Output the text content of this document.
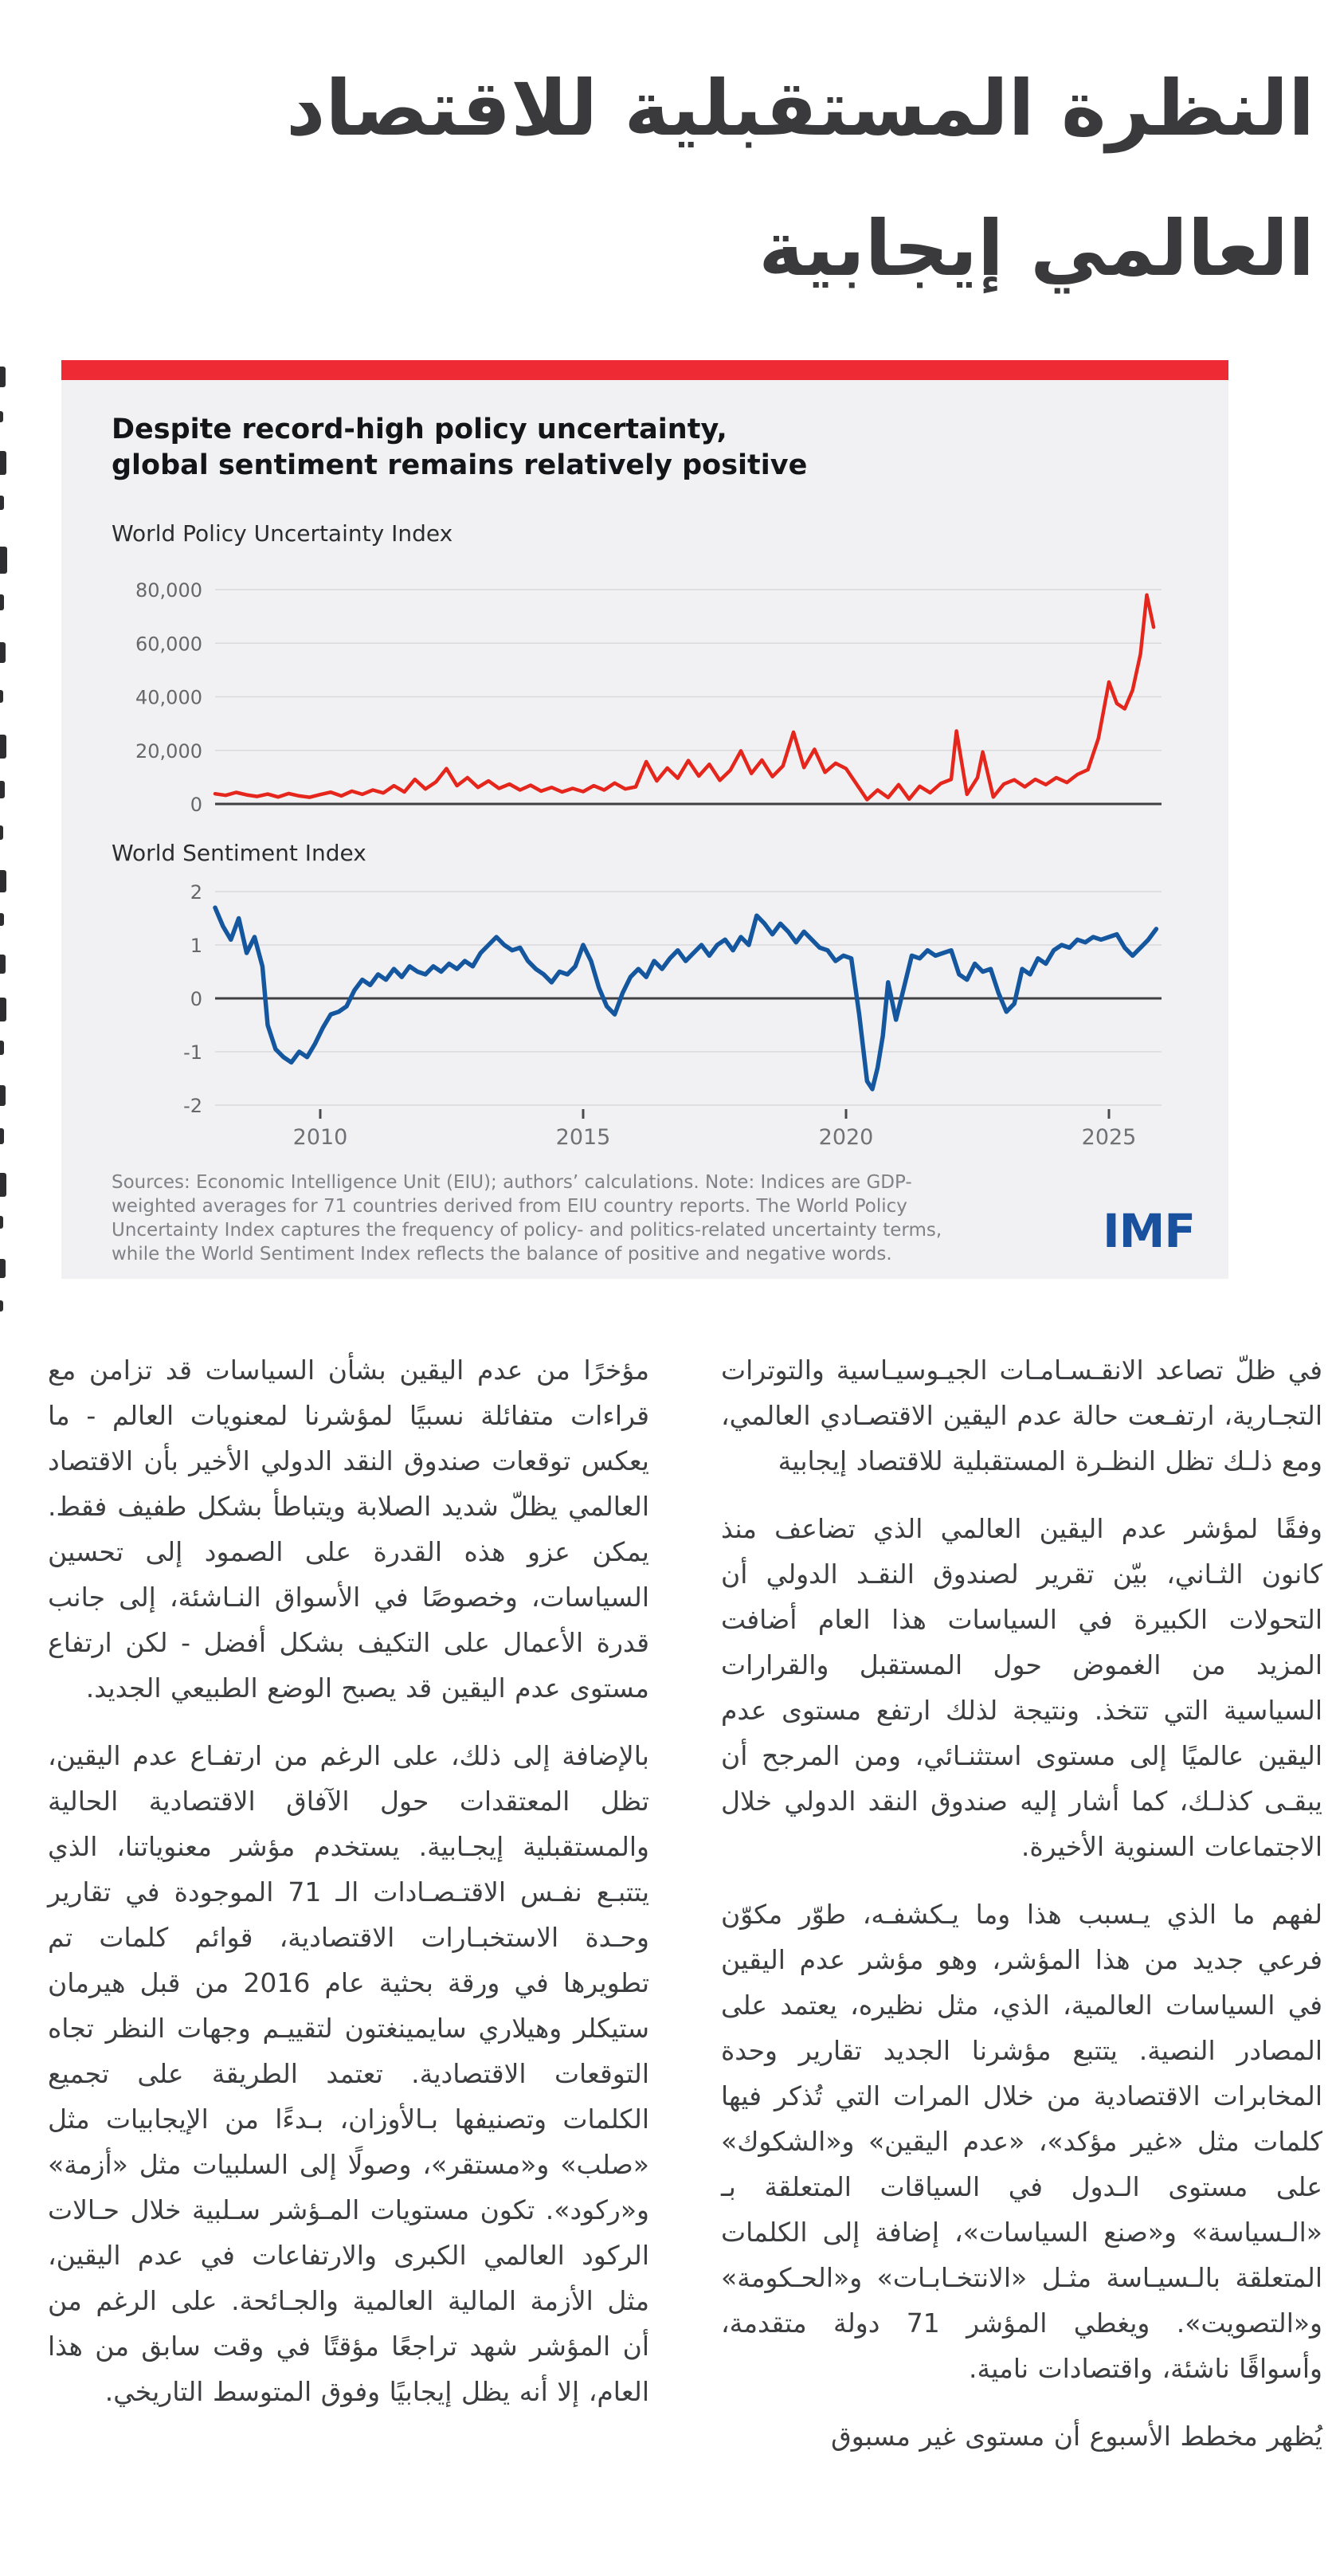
النظرة المستقبلية للاقتصاد
العالمي إيجابية
Despite record-high policy uncertainty,
global sentiment remains relatively positive
World Policy Uncertainty Index
80,000
60,000
40,000
20,000
0
World Sentiment Index
2
1
0
-1
-2
2010	2015	2020	2025
Sources: Economic Intelligence Unit (EIU); authors’ calculations. Note: Indices are GDP-
weighted averages for 71 countries derived from EIU country reports. The World Policy
Uncertainty Index captures the frequency of policy- and politics-related uncertainty terms,
while the World Sentiment Index reflects the balance of positive and negative words.	IMF

في ظلّ تصاعد الانقـسـامـات الجيـوسيـاسية والتوترات التجـارية، ارتفـعت حالة عدم اليقين الاقتصـادي العالمي، ومع ذلـك تظل النظـرة المستقبلية للاقتصاد إيجابية

وفقًا لمؤشر عدم اليقين العالمي الذي تضاعف منذ كانون الثـاني، بيّن تقرير لصندوق النقـد الدولي أن التحولات الكبيرة في السياسات هذا العام أضافت المزيد من الغموض حول المستقبل والقرارات السياسية التي تتخذ. ونتيجة لذلك ارتفع مستوى عدم اليقين عالميًا إلى مستوى استثنـائي، ومن المرجح أن يبقـى كذلـك، كما أشار إليه صندوق النقد الدولي خلال الاجتماعات السنوية الأخيرة.

لفهم ما الذي يـسبب هذا وما يـكشفـه، طوّر مكوّن فرعي جديد من هذا المؤشر، وهو مؤشر عدم اليقين في السياسات العالمية، الذي، مثل نظيره، يعتمد على المصادر النصية. يتتبع مؤشرنا الجديد تقارير وحدة المخابرات الاقتصادية من خلال المرات التي تُذكر فيها كلمات مثل «غير مؤكد»، «عدم اليقين» و«الشكوك» على مستوى الـدول في السياقات المتعلقة بـ «الـسياسة» و«صنع السياسات»، إضافة إلى الكلمات المتعلقة بالـسيـاسة مثـل «الانتخـابـات» و«الحـكومة» و«التصويت». ويغطي المؤشر 71 دولة متقدمة، وأسواقًا ناشئة، واقتصادات نامية.

يُظهر مخطط الأسبوع أن مستوى غير مسبوق

مؤخرًا من عدم اليقين بشأن السياسات قد تزامن مع قراءات متفائلة نسبيًا لمؤشرنا لمعنويات العالم - ما يعكس توقعات صندوق النقد الدولي الأخير بأن الاقتصاد العالمي يظلّ شديد الصلابة ويتباطأ بشكل طفيف فقط. يمكن عزو هذه القدرة على الصمود إلى تحسين السياسات، وخصوصًا في الأسواق النـاشئة، إلى جانب قدرة الأعمال على التكيف بشكل أفضل - لكن ارتفاع مستوى عدم اليقين قد يصبح الوضع الطبيعي الجديد.

بالإضافة إلى ذلك، على الرغم من ارتفـاع عدم اليقين، تظل المعتقدات حول الآفاق الاقتصادية الحالية والمستقبلية إيجـابية. يستخدم مؤشر معنوياتنا، الذي يتتبـع نفـس الاقتـصـادات الـ 71 الموجودة في تقارير وحـدة الاستخبـارات الاقتصادية، قوائم كلمات تم تطويرها في ورقة بحثية عام 2016 من قبل هيرمان ستيكلر وهيلاري سايمينغتون لتقييـم وجهات النظر تجاه التوقعات الاقتصادية. تعتمد الطريقة على تجميع الكلمات وتصنيفها بـالأوزان، بـدءًا من الإيجابيات مثل «صلب» و«مستقر»، وصولًا إلى السلبيات مثل «أزمة» و«ركود». تكون مستويات المـؤشر سـلبية خلال حـالات الركود العالمي الكبرى والارتفاعات في عدم اليقين، مثل الأزمة المالية العالمية والجـائحة. على الرغم من أن المؤشر شهد تراجعًا مؤقتًا في وقت سابق من هذا العام، إلا أنه يظل إيجابيًا وفوق المتوسط التاريخي.
